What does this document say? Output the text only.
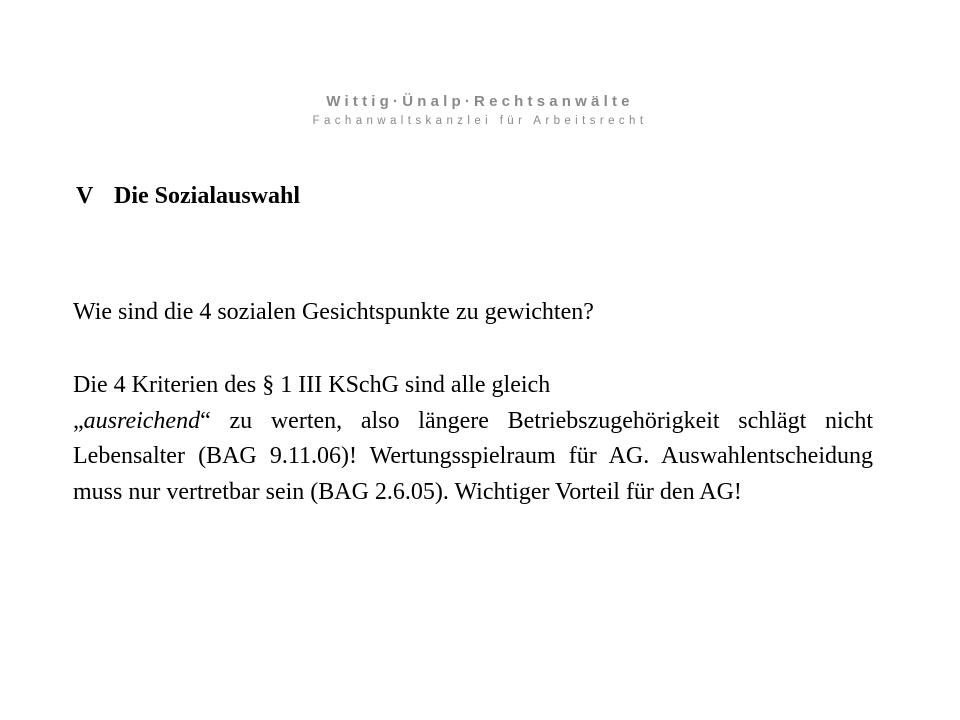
Wittig·Ünalp·Rechtsanwälte
Fachanwaltskanzlei für Arbeitsrecht
V Die Sozialauswahl

Wie sind die 4 sozialen Gesichtspunkte zu gewichten?

Die 4 Kriterien des § 1 III KSchG sind alle gleich
„ausreichend“ zu werten, also längere Betriebszugehörigkeit schlägt nicht Lebensalter (BAG 9.11.06)! Wertungsspielraum für AG. Auswahlentscheidung muss nur vertretbar sein (BAG 2.6.05). Wichtiger Vorteil für den AG!
